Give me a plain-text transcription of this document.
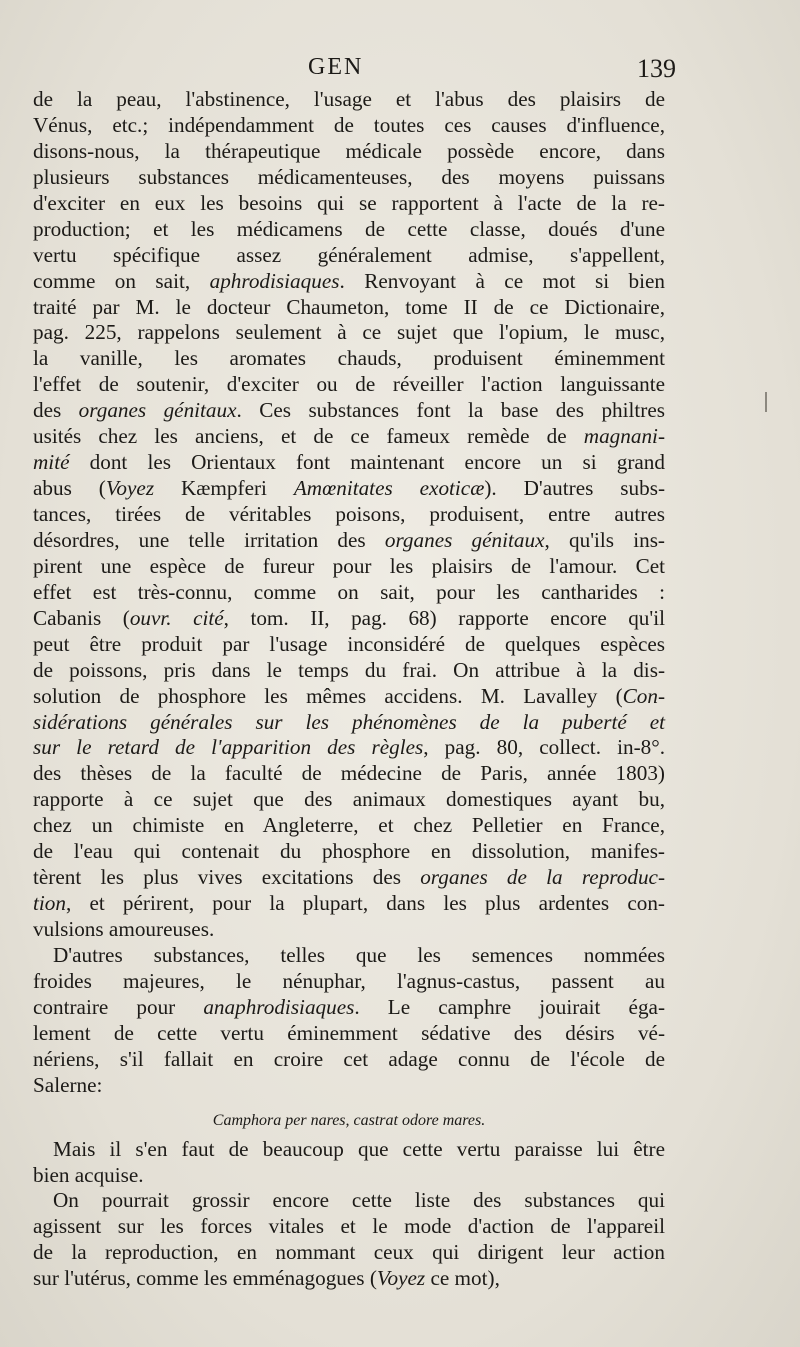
GEN	139
de la peau, l'abstinence, l'usage et l'abus des plaisirs de
Vénus, etc.; indépendamment de toutes ces causes d'influence,
disons-nous, la thérapeutique médicale possède encore, dans
plusieurs substances médicamenteuses, des moyens puissans
d'exciter en eux les besoins qui se rapportent à l'acte de la re-
production; et les médicamens de cette classe, doués d'une
vertu spécifique assez généralement admise, s'appellent,
comme on sait, aphrodisiaques. Renvoyant à ce mot si bien
traité par M. le docteur Chaumeton, tome II de ce Dictionaire,
pag. 225, rappelons seulement à ce sujet que l'opium, le musc,
la vanille, les aromates chauds, produisent éminemment
l'effet de soutenir, d'exciter ou de réveiller l'action languissante
des organes génitaux. Ces substances font la base des philtres
usités chez les anciens, et de ce fameux remède de magnani-
mité dont les Orientaux font maintenant encore un si grand
abus (Voyez Kæmpferi Amœnitates exoticæ). D'autres subs-
tances, tirées de véritables poisons, produisent, entre autres
désordres, une telle irritation des organes génitaux, qu'ils ins-
pirent une espèce de fureur pour les plaisirs de l'amour. Cet
effet est très-connu, comme on sait, pour les cantharides :
Cabanis (ouvr. cité, tom. II, pag. 68) rapporte encore qu'il
peut être produit par l'usage inconsidéré de quelques espèces
de poissons, pris dans le temps du frai. On attribue à la dis-
solution de phosphore les mêmes accidens. M. Lavalley (Con-
sidérations générales sur les phénomènes de la puberté et
sur le retard de l'apparition des règles, pag. 80, collect. in-8°.
des thèses de la faculté de médecine de Paris, année 1803)
rapporte à ce sujet que des animaux domestiques ayant bu,
chez un chimiste en Angleterre, et chez Pelletier en France,
de l'eau qui contenait du phosphore en dissolution, manifes-
tèrent les plus vives excitations des organes de la reproduc-
tion, et périrent, pour la plupart, dans les plus ardentes con-
vulsions amoureuses.
D'autres substances, telles que les semences nommées
froides majeures, le nénuphar, l'agnus-castus, passent au
contraire pour anaphrodisiaques. Le camphre jouirait éga-
lement de cette vertu éminemment sédative des désirs vé-
nériens, s'il fallait en croire cet adage connu de l'école de
Salerne:
Camphora per nares, castrat odore mares.
Mais il s'en faut de beaucoup que cette vertu paraisse lui être
bien acquise.
On pourrait grossir encore cette liste des substances qui
agissent sur les forces vitales et le mode d'action de l'appareil
de la reproduction, en nommant ceux qui dirigent leur action
sur l'utérus, comme les emménagogues (Voyez ce mot),
